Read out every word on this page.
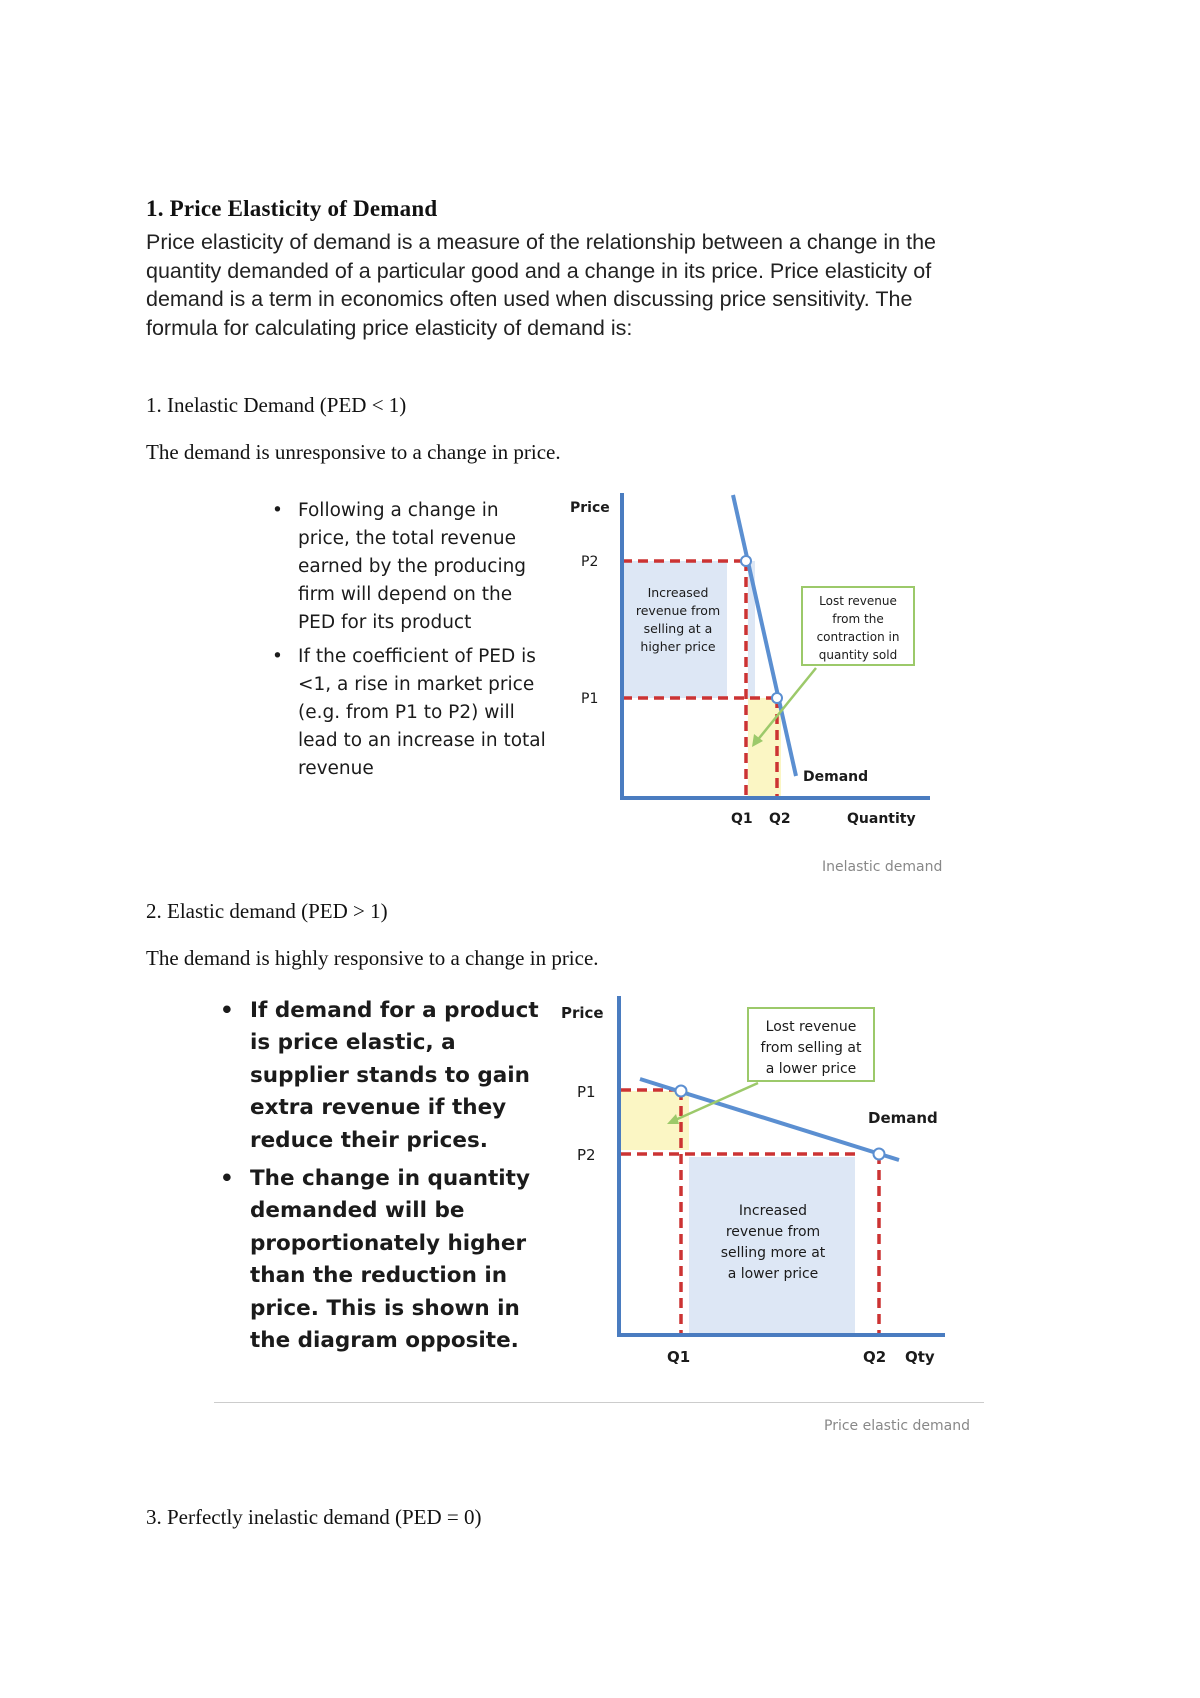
1. Price Elasticity of Demand

Price elasticity of demand is a measure of the relationship between a change in the

quantity demanded of a particular good and a change in its price. Price elasticity of

demand is a term in economics often used when discussing price sensitivity. The

formula for calculating price elasticity of demand is:

1. Inelastic Demand (PED < 1)
The demand is unresponsive to a change in price.
• Following a change in price, the total revenue earned by the producing firm will depend on the PED for its product
• If the coefficient of PED is <1, a rise in market price (e.g. from P1 to P2) will lead to an increase in total revenue
Price
P2
P1
Q1 Q2	Quantity
Demand
Increased
revenue from
selling at a
higher price
Lost revenue
from the
contraction in
quantity sold
Inelastic demand
2. Elastic demand (PED > 1)
The demand is highly responsive to a change in price.
• If demand for a product is price elastic, a supplier stands to gain extra revenue if they reduce their prices.
• The change in quantity demanded will be proportionately higher than the reduction in price. This is shown in the diagram opposite.
Price
P1
P2
Q1	Q2 Qty
Demand
Increased
revenue from
selling more at
a lower price
Lost revenue
from selling at
a lower price
Price elastic demand
3. Perfectly inelastic demand (PED = 0)
